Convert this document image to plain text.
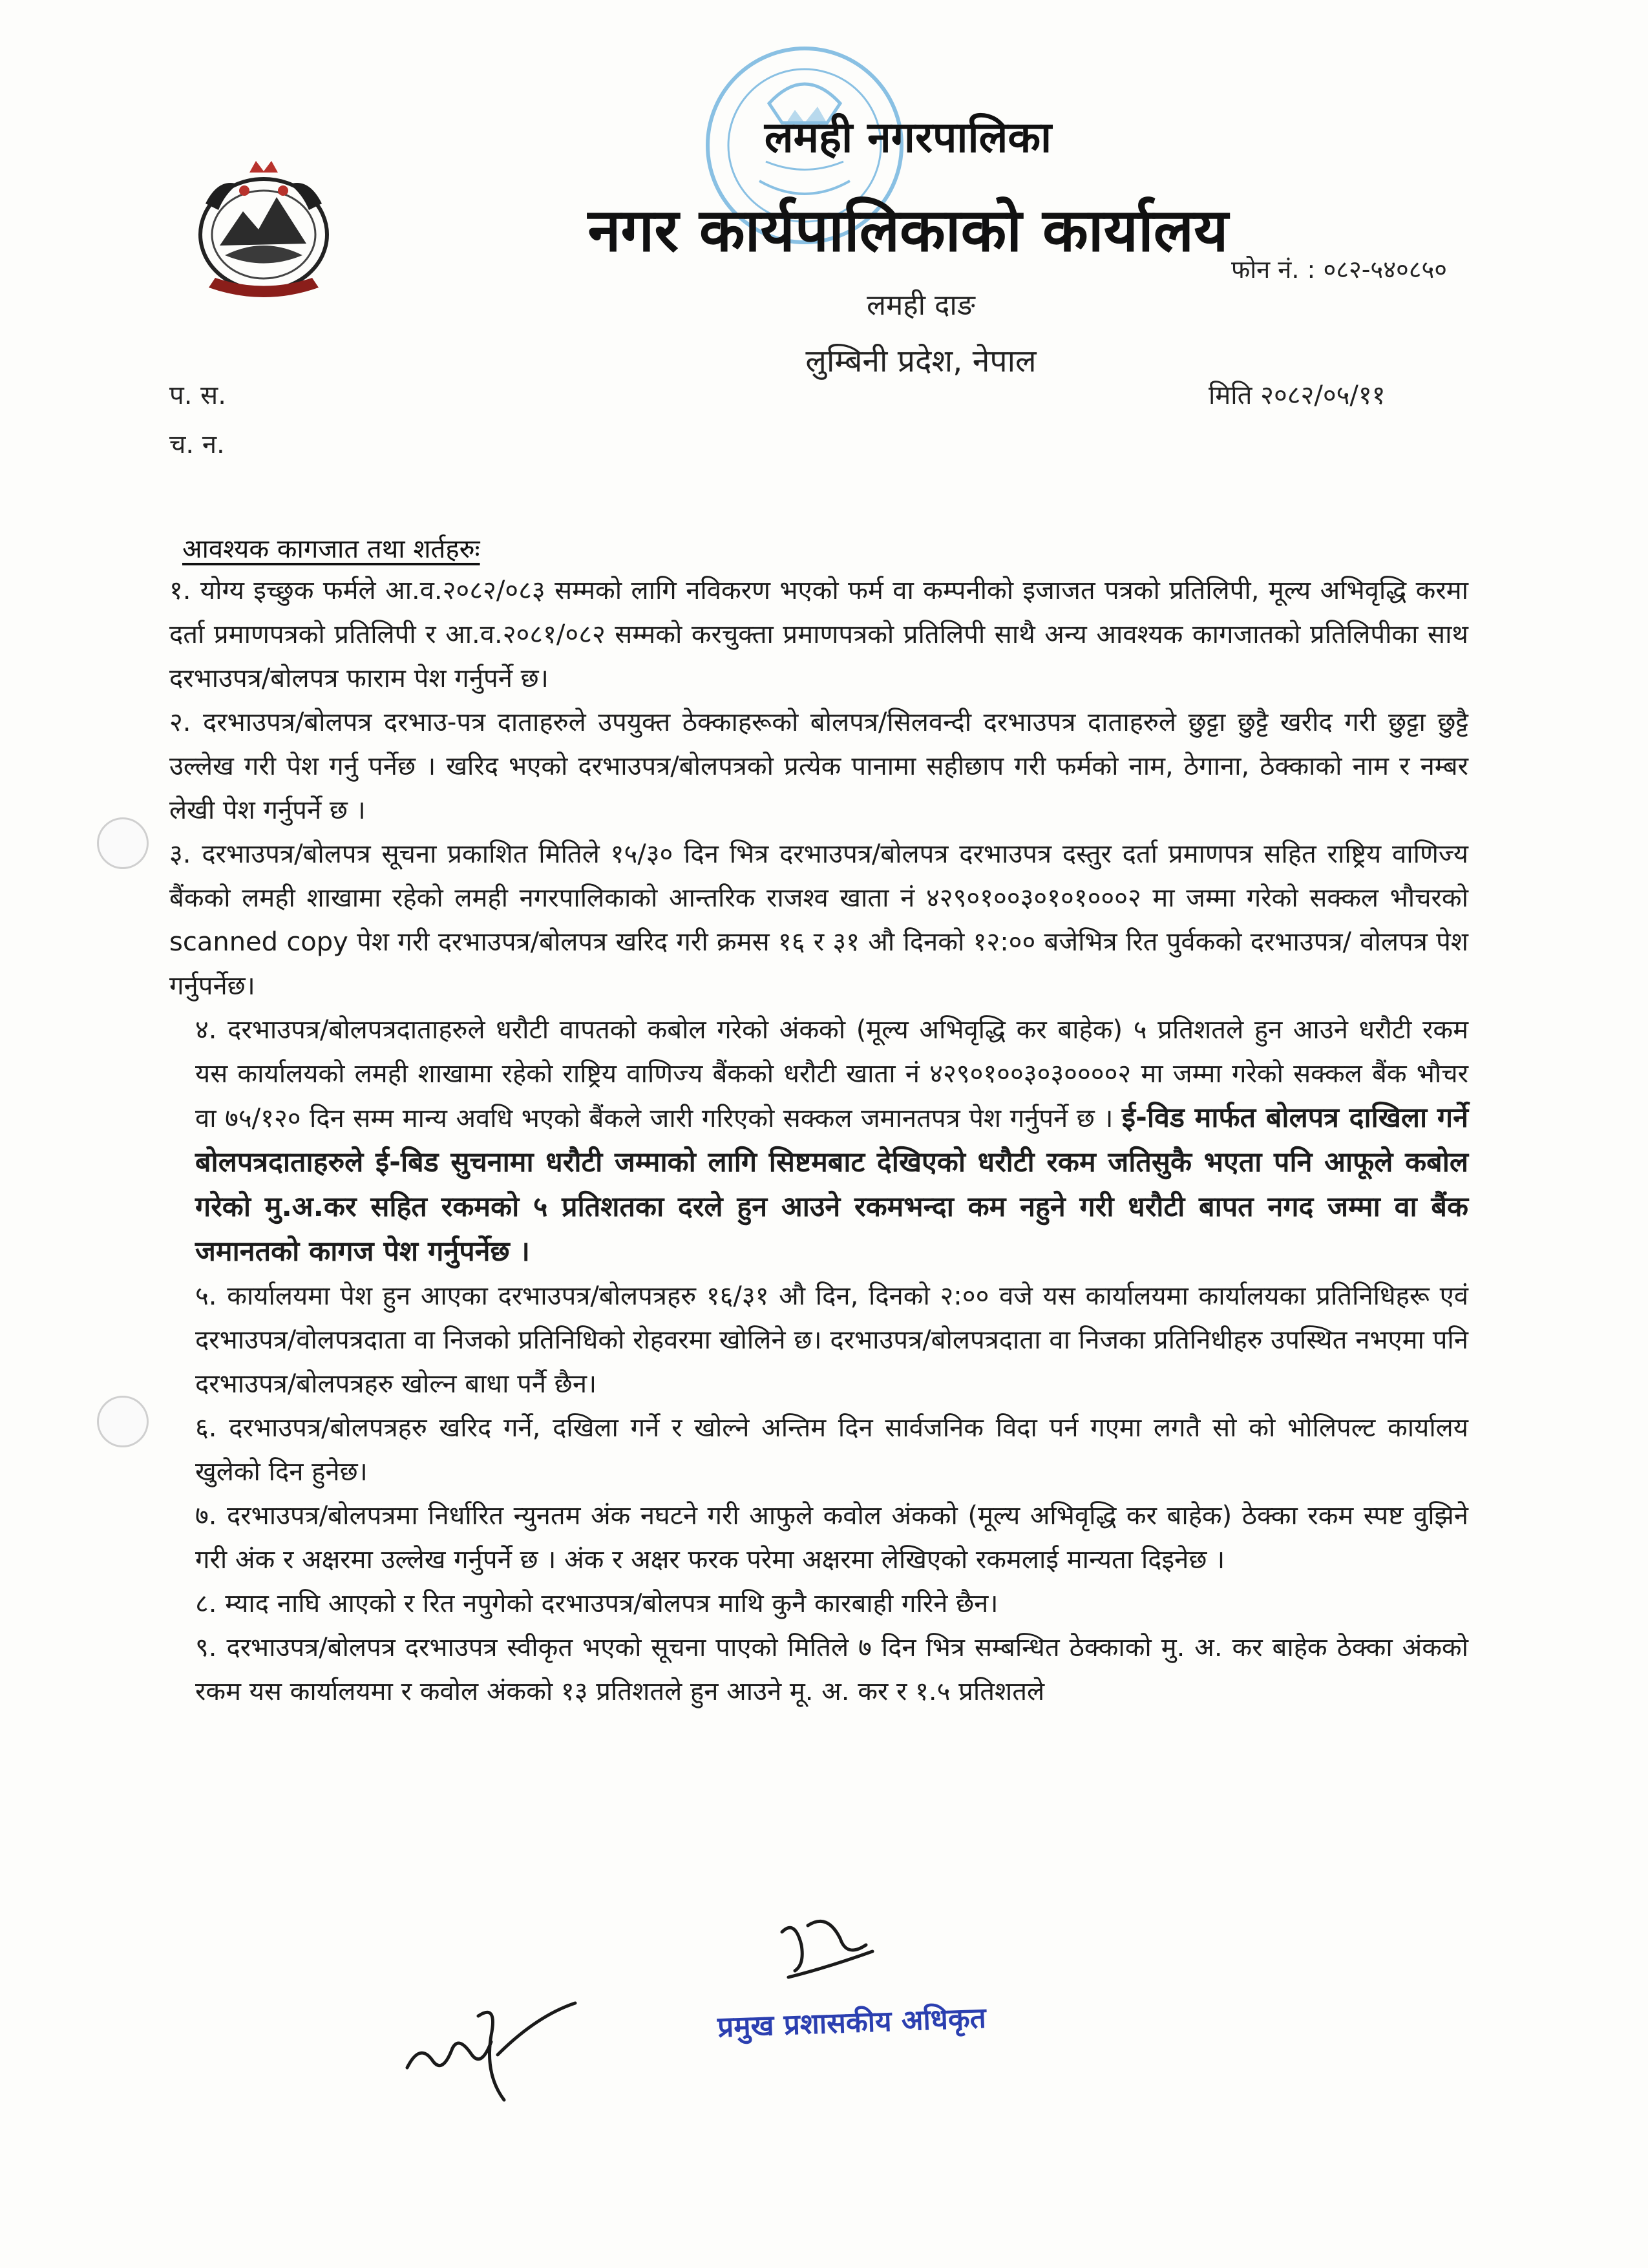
लमही नगरपालिका
नगर कार्यपालिकाको कार्यालय
लमही दाङ
लुम्बिनी प्रदेश, नेपाल
फोन नं. : ०८२-५४०८५०
प. स.
च. न.
मिति २०८२/०५/११
आवश्यक कागजात तथा शर्तहरुः

१. योग्य इच्छुक फर्मले आ.व.२०८२/०८३ सम्मको लागि नविकरण भएको फर्म वा कम्पनीको इजाजत पत्रको प्रतिलिपी, मूल्य अभिवृद्धि करमा दर्ता प्रमाणपत्रको प्रतिलिपी र आ.व.२०८१/०८२ सम्मको करचुक्ता प्रमाणपत्रको प्रतिलिपी साथै अन्य आवश्यक कागजातको प्रतिलिपीका साथ दरभाउपत्र/बोलपत्र फाराम पेश गर्नुपर्ने छ।

२. दरभाउपत्र/बोलपत्र दरभाउ-पत्र दाताहरुले उपयुक्त ठेक्काहरूको बोलपत्र/सिलवन्दी दरभाउपत्र दाताहरुले छुट्टा छुट्टै खरीद गरी छुट्टा छुट्टै उल्लेख गरी पेश गर्नु पर्नेछ । खरिद भएको दरभाउपत्र/बोलपत्रको प्रत्येक पानामा सहीछाप गरी फर्मको नाम, ठेगाना, ठेक्काको नाम र नम्बर लेखी पेश गर्नुपर्ने छ ।

३. दरभाउपत्र/बोलपत्र सूचना प्रकाशित मितिले १५/३० दिन भित्र दरभाउपत्र/बोलपत्र दरभाउपत्र दस्तुर दर्ता प्रमाणपत्र सहित राष्ट्रिय वाणिज्य बैंकको लमही शाखामा रहेको लमही नगरपालिकाको आन्तरिक राजश्व खाता नं ४२९०१००३०१०१०००२ मा जम्मा गरेको सक्कल भौचरको scanned copy पेश गरी दरभाउपत्र/बोलपत्र खरिद गरी क्रमस १६ र ३१ औ दिनको १२:०० बजेभित्र रित पुर्वकको दरभाउपत्र/ वोलपत्र पेश गर्नुपर्नेछ।

४. दरभाउपत्र/बोलपत्रदाताहरुले धरौटी वापतको कबोल गरेको अंकको (मूल्य अभिवृद्धि कर बाहेक) ५ प्रतिशतले हुन आउने धरौटी रकम यस कार्यालयको लमही शाखामा रहेको राष्ट्रिय वाणिज्य बैंकको धरौटी खाता नं ४२९०१००३०३००००२ मा जम्मा गरेको सक्कल बैंक भौचर वा ७५/१२० दिन सम्म मान्य अवधि भएको बैंकले जारी गरिएको सक्कल जमानतपत्र पेश गर्नुपर्ने छ । ई-विड मार्फत बोलपत्र दाखिला गर्ने बोलपत्रदाताहरुले ई-बिड सुचनामा धरौटी जम्माको लागि सिष्टमबाट देखिएको धरौटी रकम जतिसुकै भएता पनि आफूले कबोल गरेको मु.अ.कर सहित रकमको ५ प्रतिशतका दरले हुन आउने रकमभन्दा कम नहुने गरी धरौटी बापत नगद जम्मा वा बैंक जमानतको कागज पेश गर्नुपर्नेछ ।

५. कार्यालयमा पेश हुन आएका दरभाउपत्र/बोलपत्रहरु १६/३१ औ दिन, दिनको २:०० वजे यस कार्यालयमा कार्यालयका प्रतिनिधिहरू एवं दरभाउपत्र/वोलपत्रदाता वा निजको प्रतिनिधिको रोहवरमा खोलिने छ। दरभाउपत्र/बोलपत्रदाता वा निजका प्रतिनिधीहरु उपस्थित नभएमा पनि दरभाउपत्र/बोलपत्रहरु खोल्न बाधा पर्नै छैन।

६. दरभाउपत्र/बोलपत्रहरु खरिद गर्ने, दखिला गर्ने र खोल्ने अन्तिम दिन सार्वजनिक विदा पर्न गएमा लगतै सो को भोलिपल्ट कार्यालय खुलेको दिन हुनेछ।

७. दरभाउपत्र/बोलपत्रमा निर्धारित न्युनतम अंक नघटने गरी आफुले कवोल अंकको (मूल्य अभिवृद्धि कर बाहेक) ठेक्का रकम स्पष्ट वुझिने गरी अंक र अक्षरमा उल्लेख गर्नुपर्ने छ । अंक र अक्षर फरक परेमा अक्षरमा लेखिएको रकमलाई मान्यता दिइनेछ ।

८. म्याद नाघि आएको र रित नपुगेको दरभाउपत्र/बोलपत्र माथि कुनै कारबाही गरिने छैन।

९. दरभाउपत्र/बोलपत्र दरभाउपत्र स्वीकृत भएको सूचना पाएको मितिले ७ दिन भित्र सम्बन्धित ठेक्काको मु. अ. कर बाहेक ठेक्का अंकको रकम यस कार्यालयमा र कवोल अंकको १३ प्रतिशतले हुन आउने मू. अ. कर र १.५ प्रतिशतले

प्रमुख प्रशासकीय अधिकृत
